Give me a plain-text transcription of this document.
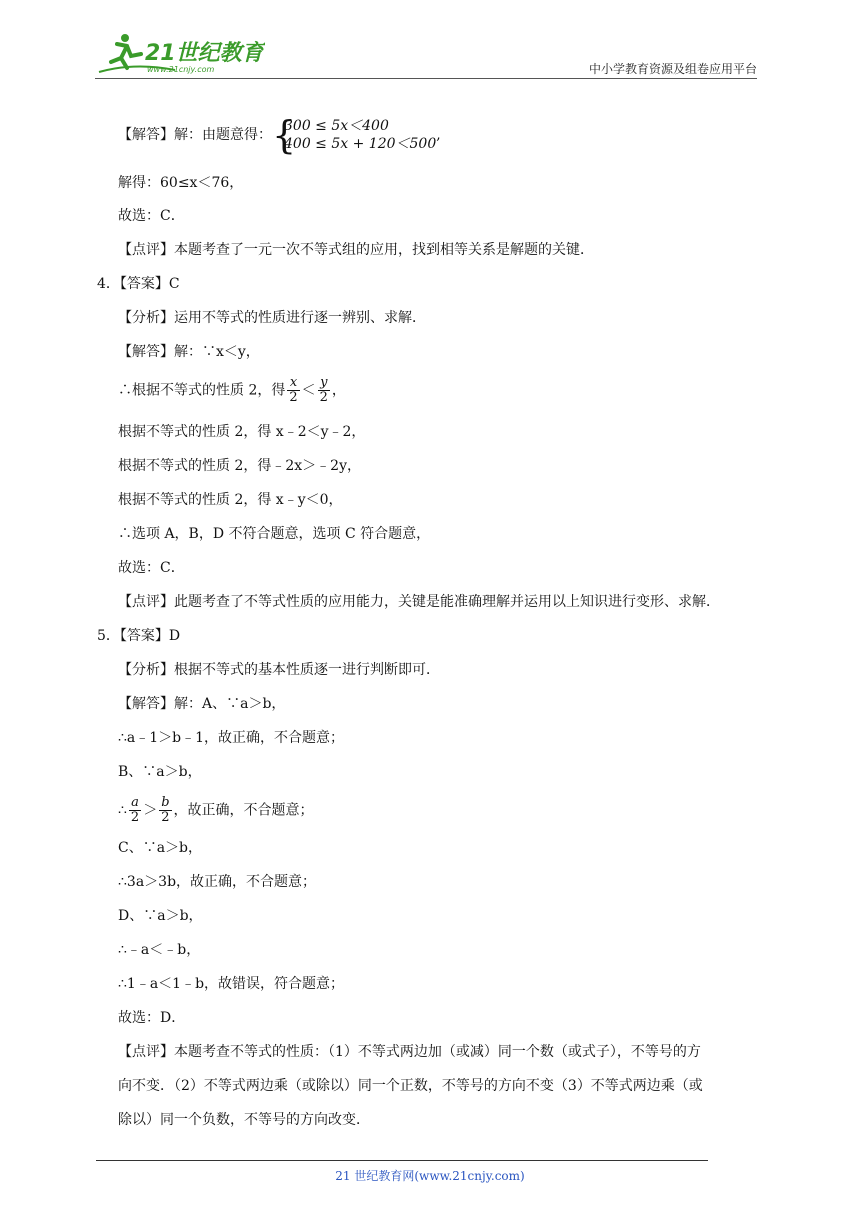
21世纪教育
www.21cnjy.com	中小学教育资源及组卷应用平台
【解答】解：由题意得： {
300 ≤ 5x＜400
400 ≤ 5x + 120＜500
,
解得：60≤x＜76，
故选：C．
【点评】本题考查了一元一次不等式组的应用，找到相等关系是解题的关键．
4．【答案】C
【分析】运用不等式的性质进行逐一辨别、求解．
【解答】解：∵x＜y，
∴根据不等式的性质 2，得 $\frac{x}{2} < \frac{y}{2}$ ，
根据不等式的性质 2，得 x﹣2＜y﹣2，
根据不等式的性质 2，得﹣2x＞﹣2y，
根据不等式的性质 2，得 x﹣y＜0，
∴选项 A，B，D 不符合题意，选项 C 符合题意，
故选：C．
【点评】此题考查了不等式性质的应用能力，关键是能准确理解并运用以上知识进行变形、求解．
5．【答案】D
【分析】根据不等式的基本性质逐一进行判断即可．
【解答】解：A、∵a＞b，
∴a﹣1＞b﹣1，故正确，不合题意；
B、∵a＞b，
∴ $\frac{a}{2} > \frac{b}{2}$ ，故正确，不合题意；
C、∵a＞b，
∴3a＞3b，故正确，不合题意；
D、∵a＞b，
∴﹣a＜﹣b，
∴1﹣a＜1﹣b，故错误，符合题意；
故选：D．
【点评】本题考查不等式的性质：（1）不等式两边加（或减）同一个数（或式子），不等号的方
向不变．（2）不等式两边乘（或除以）同一个正数，不等号的方向不变（3）不等式两边乘（或
除以）同一个负数，不等号的方向改变．
21 世纪教育网(www.21cnjy.com)
